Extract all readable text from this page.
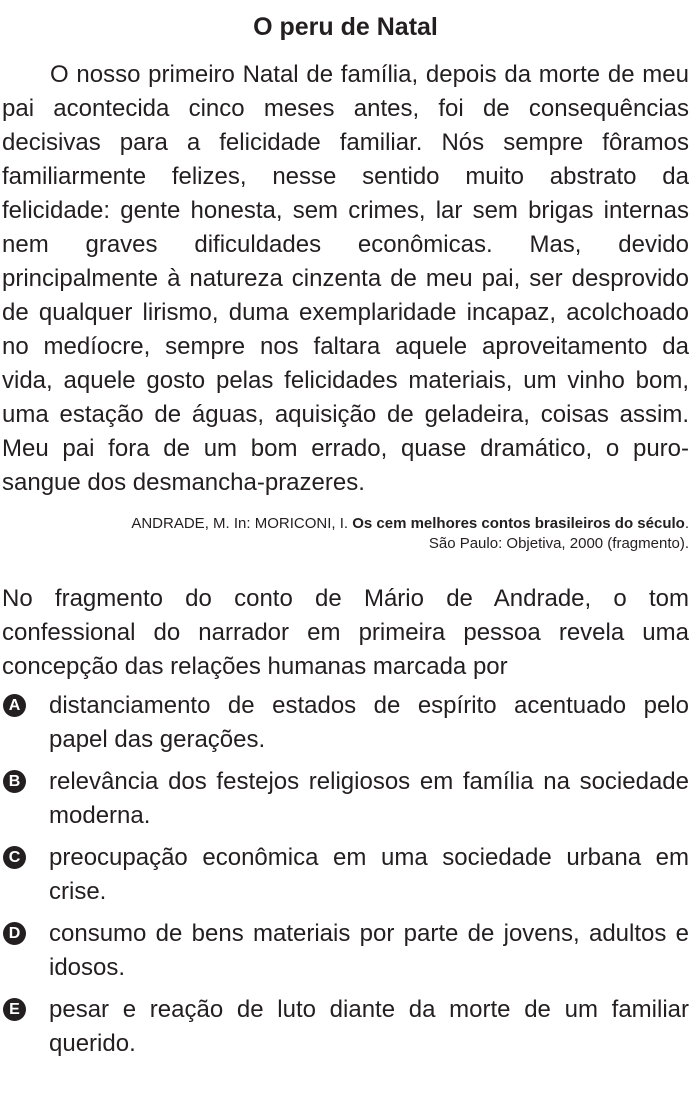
O peru de Natal

O nosso primeiro Natal de família, depois da morte de meu pai acontecida cinco meses antes, foi de consequências decisivas para a felicidade familiar. Nós sempre fôramos familiarmente felizes, nesse sentido muito abstrato da felicidade: gente honesta, sem crimes, lar sem brigas internas nem graves dificuldades econômicas. Mas, devido principalmente à natureza cinzenta de meu pai, ser desprovido de qualquer lirismo, duma exemplaridade incapaz, acolchoado no medíocre, sempre nos faltara aquele aproveitamento da vida, aquele gosto pelas felicidades materiais, um vinho bom, uma estação de águas, aquisição de geladeira, coisas assim. Meu pai fora de um bom errado, quase dramático, o puro-sangue dos desmancha-prazeres.

ANDRADE, M. In: MORICONI, I. Os cem melhores contos brasileiros do século.
São Paulo: Objetiva, 2000 (fragmento).

No fragmento do conto de Mário de Andrade, o tom confessional do narrador em primeira pessoa revela uma concepção das relações humanas marcada por

A distanciamento de estados de espírito acentuado pelo papel das gerações.
B relevância dos festejos religiosos em família na sociedade moderna.
C preocupação econômica em uma sociedade urbana em crise.
D consumo de bens materiais por parte de jovens, adultos e idosos.
E pesar e reação de luto diante da morte de um familiar querido.
